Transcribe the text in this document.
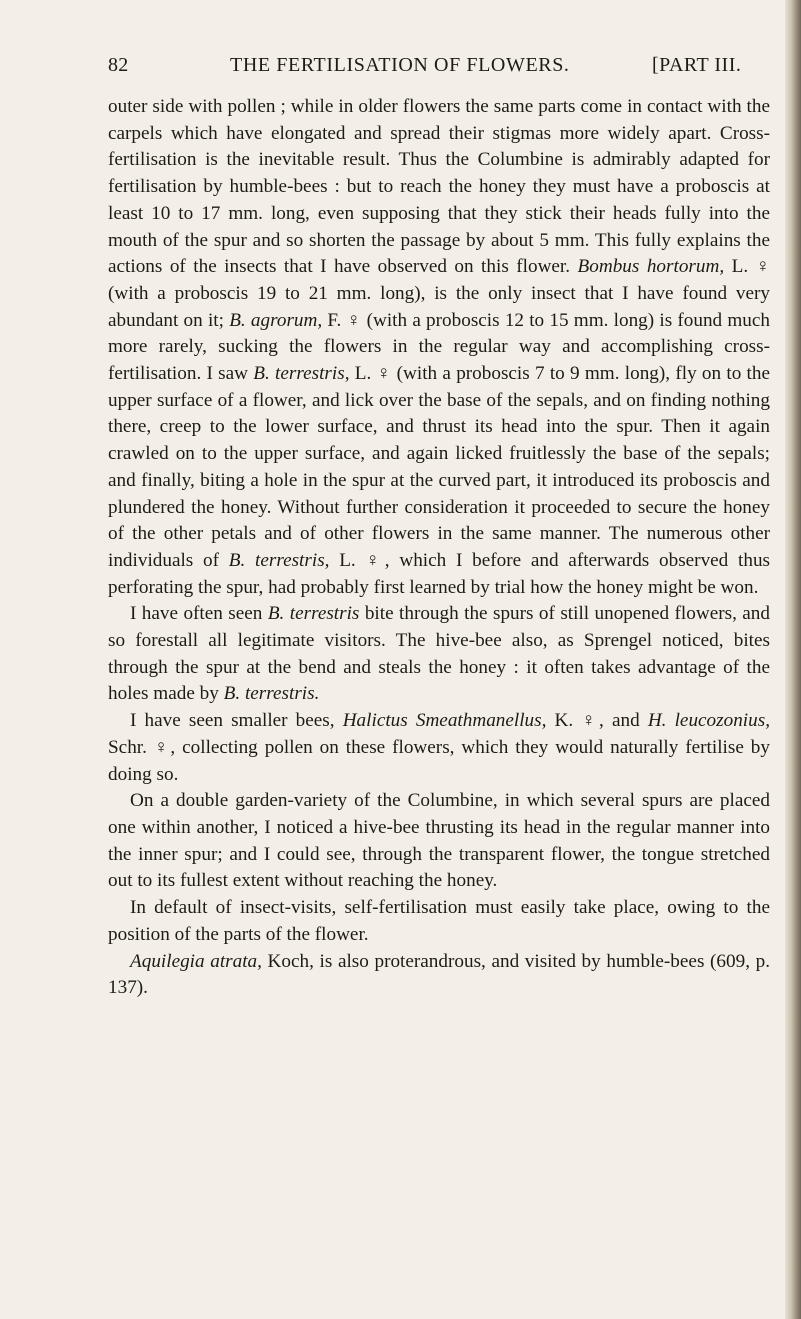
82	THE FERTILISATION OF FLOWERS.	[PART III.

outer side with pollen ; while in older flowers the same parts come in contact with the carpels which have elongated and spread their stigmas more widely apart. Cross-fertilisation is the inevitable result. Thus the Columbine is admirably adapted for fertilisation by humble-bees : but to reach the honey they must have a proboscis at least 10 to 17 mm. long, even supposing that they stick their heads fully into the mouth of the spur and so shorten the passage by about 5 mm. This fully explains the actions of the insects that I have observed on this flower. Bombus hortorum, L. ♀ (with a proboscis 19 to 21 mm. long), is the only insect that I have found very abundant on it; B. agrorum, F. ♀ (with a proboscis 12 to 15 mm. long) is found much more rarely, sucking the flowers in the regular way and accomplishing cross-fertilisation. I saw B. terrestris, L. ♀ (with a proboscis 7 to 9 mm. long), fly on to the upper surface of a flower, and lick over the base of the sepals, and on finding nothing there, creep to the lower surface, and thrust its head into the spur. Then it again crawled on to the upper surface, and again licked fruitlessly the base of the sepals; and finally, biting a hole in the spur at the curved part, it introduced its proboscis and plundered the honey. Without further consideration it proceeded to secure the honey of the other petals and of other flowers in the same manner. The numerous other individuals of B. terrestris, L. ♀, which I before and afterwards observed thus perforating the spur, had probably first learned by trial how the honey might be won.

I have often seen B. terrestris bite through the spurs of still unopened flowers, and so forestall all legitimate visitors. The hive-bee also, as Sprengel noticed, bites through the spur at the bend and steals the honey : it often takes advantage of the holes made by B. terrestris.

I have seen smaller bees, Halictus Smeathmanellus, K. ♀, and H. leucozonius, Schr. ♀, collecting pollen on these flowers, which they would naturally fertilise by doing so.

On a double garden-variety of the Columbine, in which several spurs are placed one within another, I noticed a hive-bee thrusting its head in the regular manner into the inner spur; and I could see, through the transparent flower, the tongue stretched out to its fullest extent without reaching the honey.

In default of insect-visits, self-fertilisation must easily take place, owing to the position of the parts of the flower.

Aquilegia atrata, Koch, is also proterandrous, and visited by humble-bees (609, p. 137).
